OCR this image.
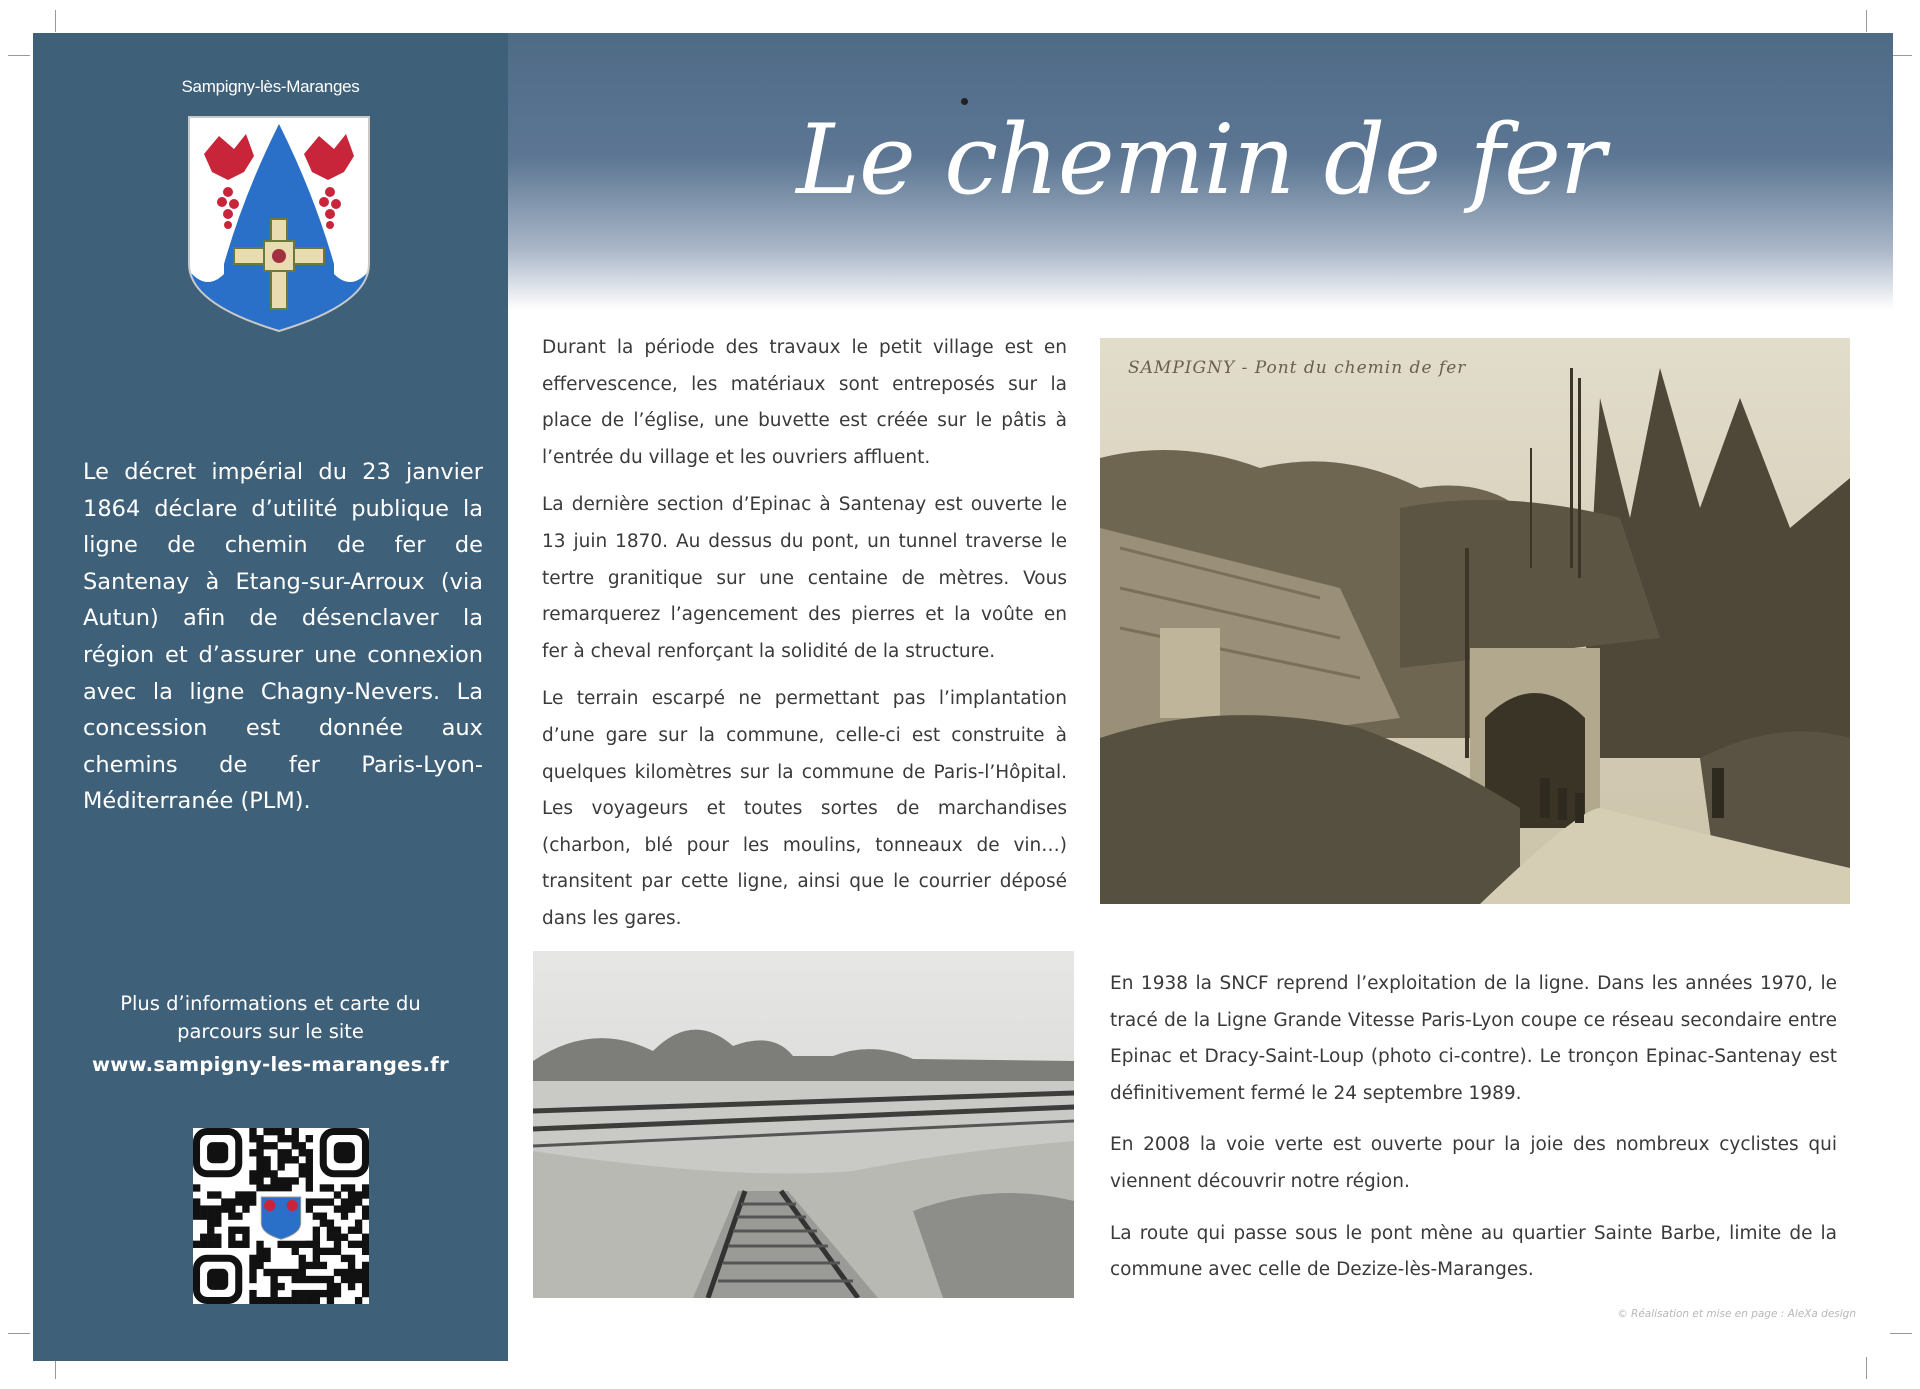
Sampigny-lès-Maranges

Le décret impérial du 23 janvier 1864 déclare d’utilité publique la ligne de chemin de fer de Santenay à Etang-sur-Arroux (via Autun) afin de désenclaver la région et d’assurer une connexion avec la ligne Chagny-Nevers. La concession est donnée aux chemins de fer Paris-Lyon-Méditerranée (PLM).

Plus d’informations et carte du
parcours sur le site

www.sampigny-les-maranges.fr
Le chemin de fer

Durant la période des travaux le petit village est en effervescence, les matériaux sont entreposés sur la place de l’église, une buvette est créée sur le pâtis à l’entrée du village et les ouvriers affluent.

La dernière section d’Epinac à Santenay est ouverte le 13 juin 1870. Au dessus du pont, un tunnel traverse le tertre granitique sur une centaine de mètres. Vous remarquerez l’agencement des pierres et la voûte en fer à cheval renforçant la solidité de la structure.

Le terrain escarpé ne permettant pas l’implantation d’une gare sur la commune, celle-ci est construite à quelques kilomètres sur la commune de Paris-l’Hôpital. Les voyageurs et toutes sortes de marchandises (charbon, blé pour les moulins, tonneaux de vin…) transitent par cette ligne, ainsi que le courrier déposé dans les gares.

SAMPIGNY - Pont du chemin de fer

En 1938 la SNCF reprend l’exploitation de la ligne. Dans les années 1970, le tracé de la Ligne Grande Vitesse Paris-Lyon coupe ce réseau secondaire entre Epinac et Dracy-Saint-Loup (photo ci-contre). Le tronçon Epinac-Santenay est définitivement fermé le 24 septembre 1989.

En 2008 la voie verte est ouverte pour la joie des nombreux cyclistes qui viennent découvrir notre région.

La route qui passe sous le pont mène au quartier Sainte Barbe, limite de la commune avec celle de Dezize-lès-Maranges.

© Réalisation et mise en page : AleXa design
